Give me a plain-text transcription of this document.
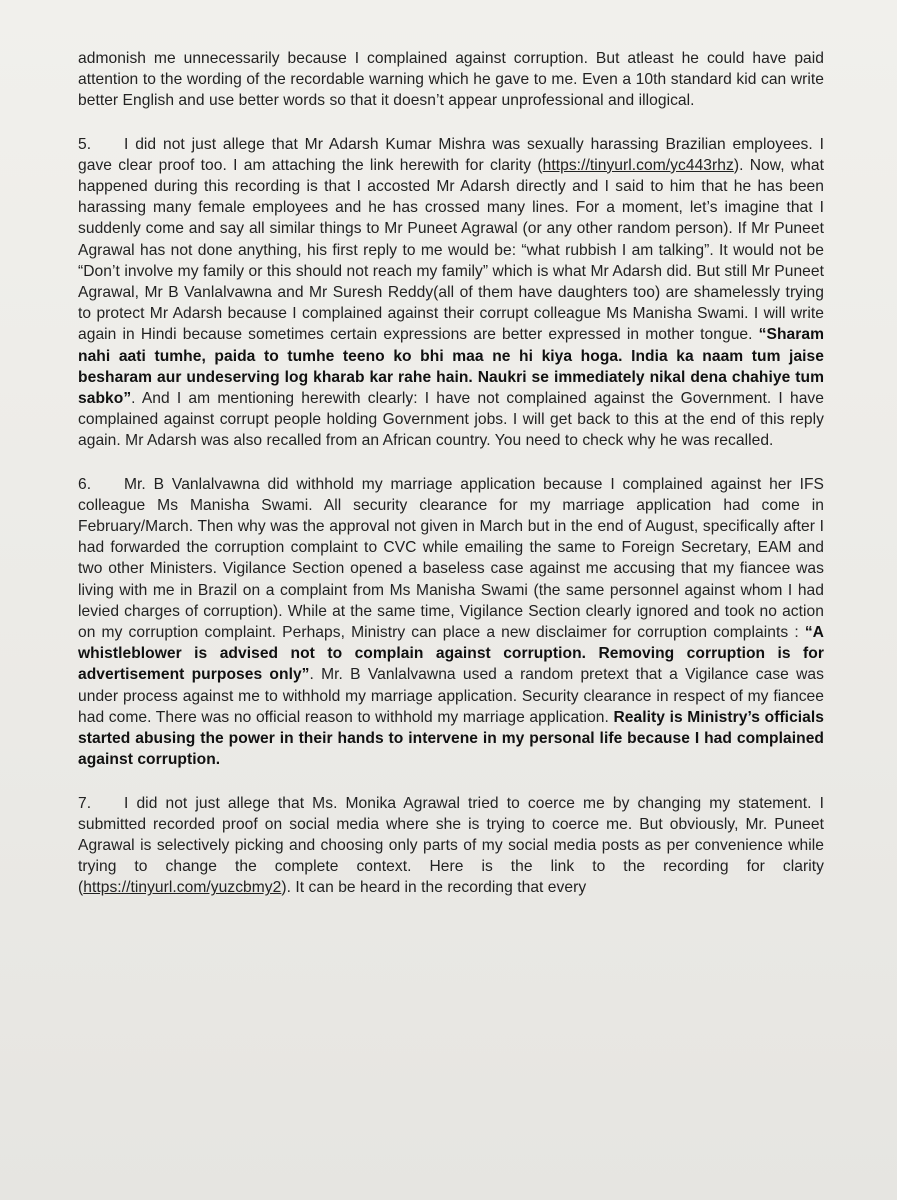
admonish me unnecessarily because I complained against corruption. But atleast he could have paid attention to the wording of the recordable warning which he gave to me. Even a 10th standard kid can write better English and use better words so that it doesn’t appear unprofessional and illogical.

5. I did not just allege that Mr Adarsh Kumar Mishra was sexually harassing Brazilian employees. I gave clear proof too. I am attaching the link herewith for clarity (https://tinyurl.com/yc443rhz). Now, what happened during this recording is that I accosted Mr Adarsh directly and I said to him that he has been harassing many female employees and he has crossed many lines. For a moment, let’s imagine that I suddenly come and say all similar things to Mr Puneet Agrawal (or any other random person). If Mr Puneet Agrawal has not done anything, his first reply to me would be: “what rubbish I am talking”. It would not be “Don’t involve my family or this should not reach my family” which is what Mr Adarsh did. But still Mr Puneet Agrawal, Mr B Vanlalvawna and Mr Suresh Reddy(all of them have daughters too) are shamelessly trying to protect Mr Adarsh because I complained against their corrupt colleague Ms Manisha Swami. I will write again in Hindi because sometimes certain expressions are better expressed in mother tongue. “Sharam nahi aati tumhe, paida to tumhe teeno ko bhi maa ne hi kiya hoga. India ka naam tum jaise besharam aur undeserving log kharab kar rahe hain. Naukri se immediately nikal dena chahiye tum sabko”. And I am mentioning herewith clearly: I have not complained against the Government. I have complained against corrupt people holding Government jobs. I will get back to this at the end of this reply again. Mr Adarsh was also recalled from an African country. You need to check why he was recalled.

6. Mr. B Vanlalvawna did withhold my marriage application because I complained against her IFS colleague Ms Manisha Swami. All security clearance for my marriage application had come in February/March. Then why was the approval not given in March but in the end of August, specifically after I had forwarded the corruption complaint to CVC while emailing the same to Foreign Secretary, EAM and two other Ministers. Vigilance Section opened a baseless case against me accusing that my fiancee was living with me in Brazil on a complaint from Ms Manisha Swami (the same personnel against whom I had levied charges of corruption). While at the same time, Vigilance Section clearly ignored and took no action on my corruption complaint. Perhaps, Ministry can place a new disclaimer for corruption complaints : “A whistleblower is advised not to complain against corruption. Removing corruption is for advertisement purposes only”. Mr. B Vanlalvawna used a random pretext that a Vigilance case was under process against me to withhold my marriage application. Security clearance in respect of my fiancee had come. There was no official reason to withhold my marriage application. Reality is Ministry’s officials started abusing the power in their hands to intervene in my personal life because I had complained against corruption.

7. I did not just allege that Ms. Monika Agrawal tried to coerce me by changing my statement. I submitted recorded proof on social media where she is trying to coerce me. But obviously, Mr. Puneet Agrawal is selectively picking and choosing only parts of my social media posts as per convenience while trying to change the complete context. Here is the link to the recording for clarity (https://tinyurl.com/yuzcbmy2). It can be heard in the recording that every
